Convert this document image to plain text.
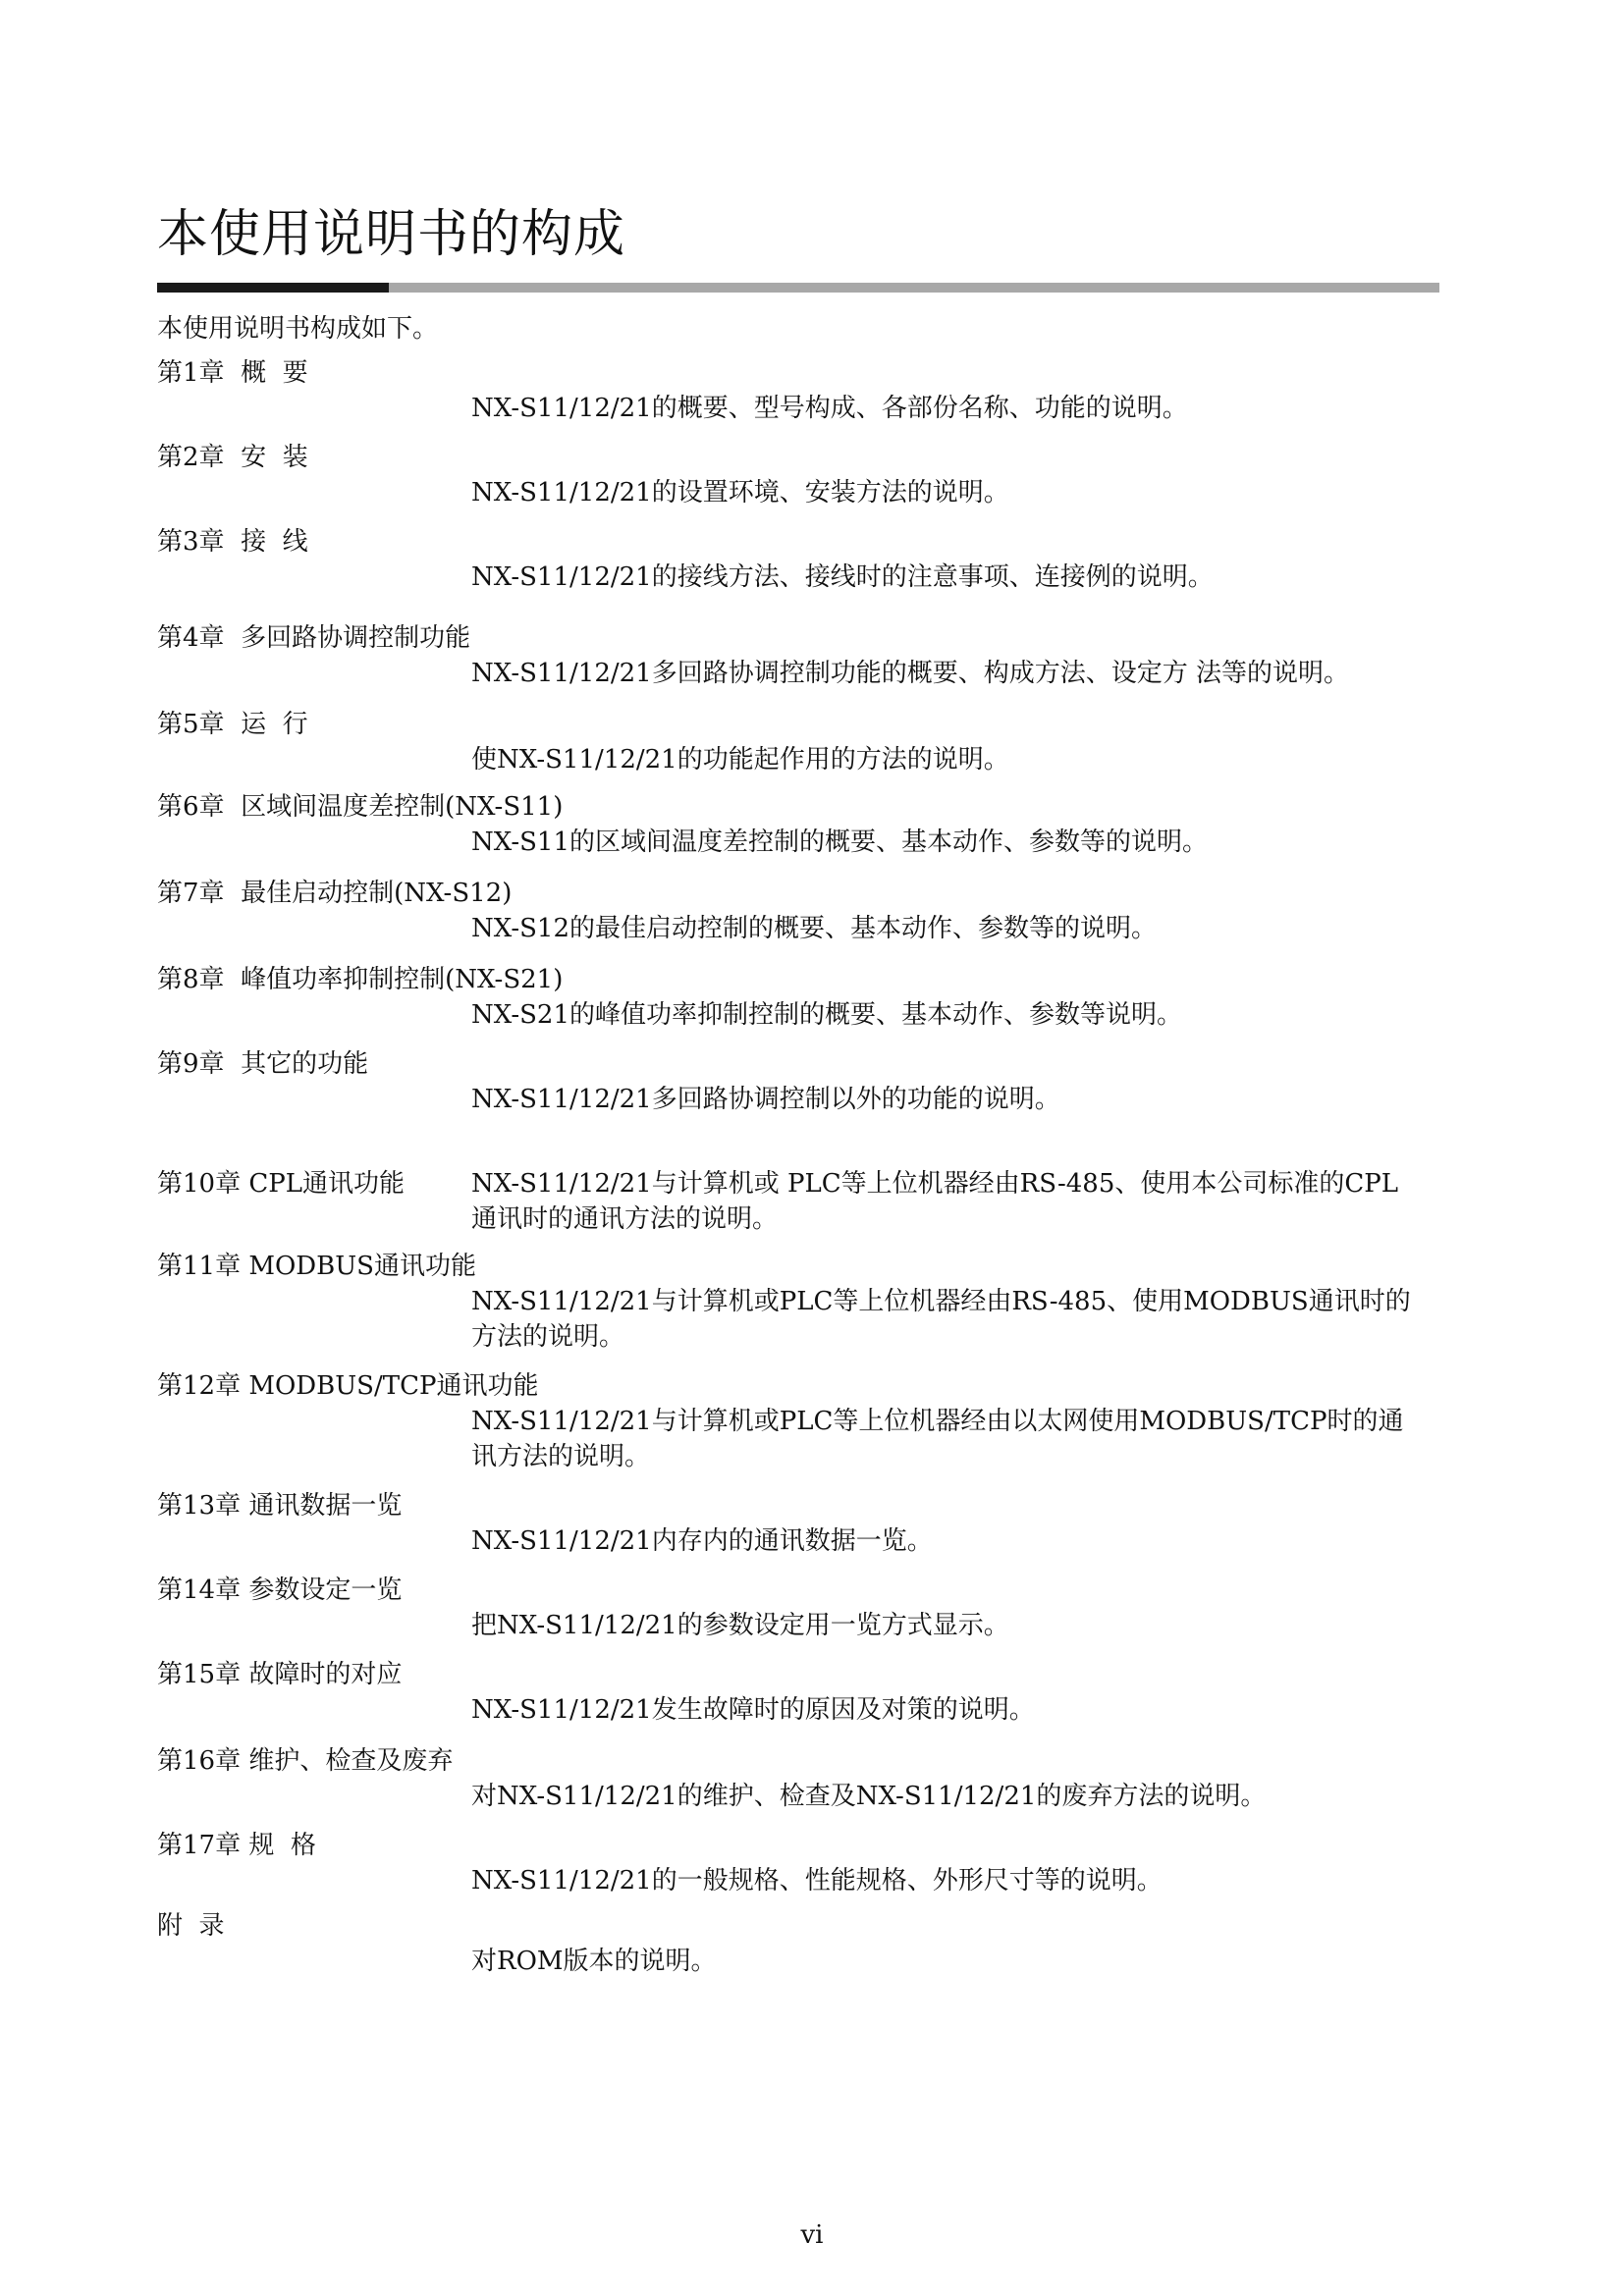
本使用说明书的构成
本使用说明书构成如下。
第1章  概  要
NX-S11/12/21的概要、型号构成、各部份名称、功能的说明。
第2章  安  装
NX-S11/12/21的设置环境、安装方法的说明。
第3章  接  线
NX-S11/12/21的接线方法、接线时的注意事项、连接例的说明。
第4章  多回路协调控制功能
NX-S11/12/21多回路协调控制功能的概要、构成方法、设定方 法等的说明。
第5章  运  行
使NX-S11/12/21的功能起作用的方法的说明。
第6章  区域间温度差控制(NX-S11)
NX-S11的区域间温度差控制的概要、基本动作、参数等的说明。
第7章  最佳启动控制(NX-S12)
NX-S12的最佳启动控制的概要、基本动作、参数等的说明。
第8章  峰值功率抑制控制(NX-S21)
NX-S21的峰值功率抑制控制的概要、基本动作、参数等说明。
第9章  其它的功能
NX-S11/12/21多回路协调控制以外的功能的说明。
第10章 CPL通讯功能	NX-S11/12/21与计算机或 PLC等上位机器经由RS-485、使用本公司标准的CPL通讯时的通讯方法的说明。
第11章 MODBUS通讯功能
NX-S11/12/21与计算机或PLC等上位机器经由RS-485、使用MODBUS通讯时的方法的说明。
第12章 MODBUS/TCP通讯功能
NX-S11/12/21与计算机或PLC等上位机器经由以太网使用MODBUS/TCP时的通讯方法的说明。
第13章 通讯数据一览
NX-S11/12/21内存内的通讯数据一览。
第14章 参数设定一览
把NX-S11/12/21的参数设定用一览方式显示。
第15章 故障时的对应
NX-S11/12/21发生故障时的原因及对策的说明。
第16章 维护、检查及废弃
对NX-S11/12/21的维护、检查及NX-S11/12/21的废弃方法的说明。
第17章 规  格
NX-S11/12/21的一般规格、性能规格、外形尺寸等的说明。
附  录
对ROM版本的说明。
vi
